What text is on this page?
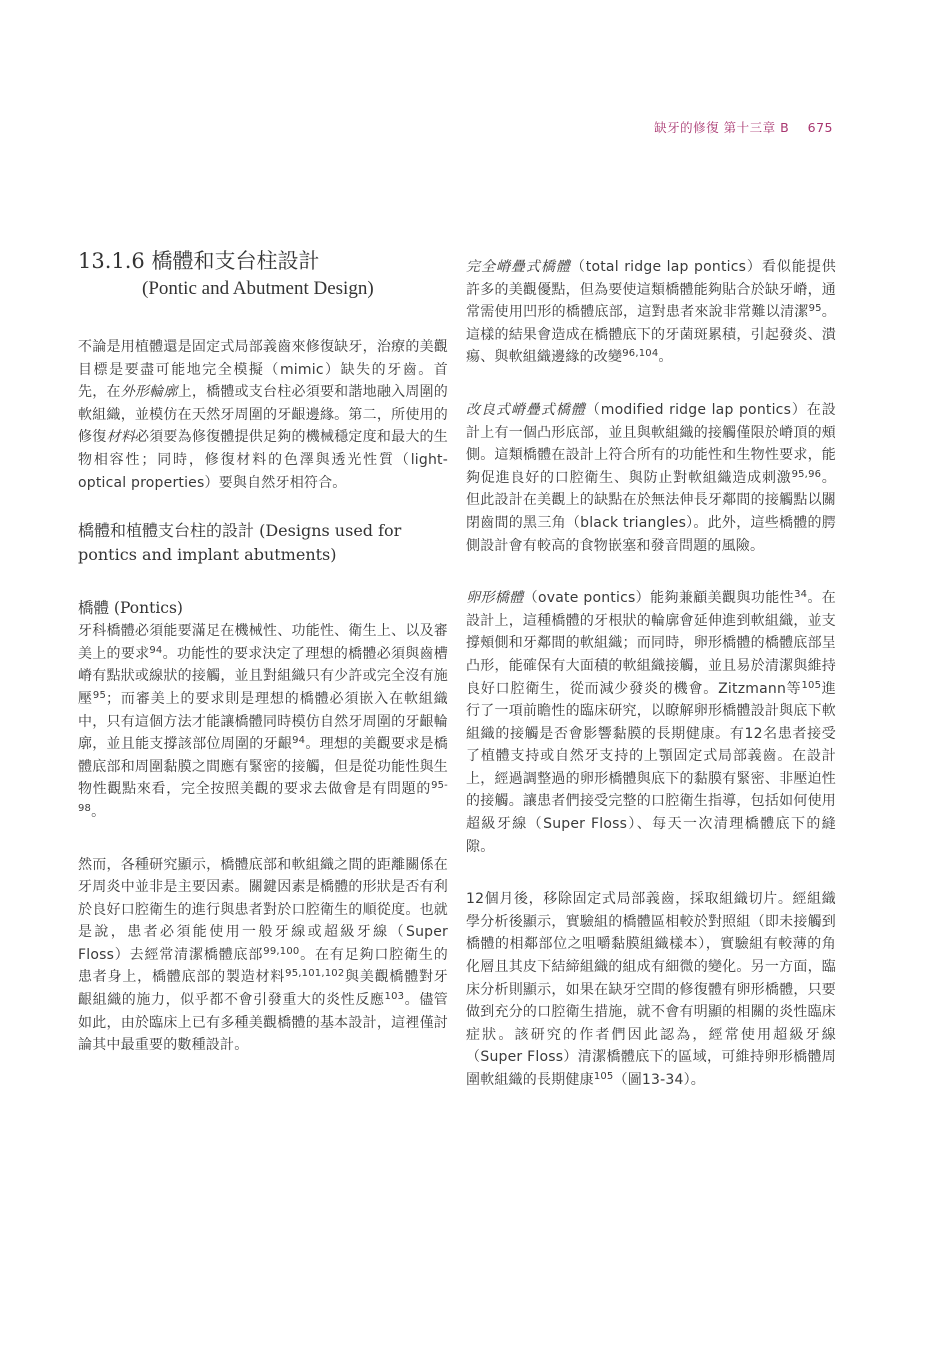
缺牙的修復 第十三章 B 675
13.1.6 橋體和支台柱設計
(Pontic and Abutment Design)

不論是用植體還是固定式局部義齒來修復缺牙，治療的美觀目標是要盡可能地完全模擬（mimic）缺失的牙齒。首先，在外形輪廓上，橋體或支台柱必須要和諧地融入周圍的軟組織，並模仿在天然牙周圍的牙齦邊緣。第二，所使用的修復材料必須要為修復體提供足夠的機械穩定度和最大的生物相容性；同時，修復材料的色澤與透光性質（light-optical properties）要與自然牙相符合。

橋體和植體支台柱的設計 (Designs used for pontics and implant abutments)
橋體 (Pontics)

牙科橋體必須能要滿足在機械性、功能性、衛生上、以及審美上的要求$^{94}$。功能性的要求決定了理想的橋體必須與齒槽嵴有點狀或線狀的接觸，並且對組織只有少許或完全沒有施壓$^{95}$；而審美上的要求則是理想的橋體必須嵌入在軟組織中，只有這個方法才能讓橋體同時模仿自然牙周圍的牙齦輪廓，並且能支撐該部位周圍的牙齦$^{94}$。理想的美觀要求是橋體底部和周圍黏膜之間應有緊密的接觸，但是從功能性與生物性觀點來看，完全按照美觀的要求去做會是有問題的$^{95-98}$。

然而，各種研究顯示，橋體底部和軟組織之間的距離關係在牙周炎中並非是主要因素。關鍵因素是橋體的形狀是否有利於良好口腔衛生的進行與患者對於口腔衛生的順從度。也就是說，患者必須能使用一般牙線或超級牙線（Super Floss）去經常清潔橋體底部$^{99,100}$。在有足夠口腔衛生的患者身上，橋體底部的製造材料$^{95,101,102}$與美觀橋體對牙齦組織的施力，似乎都不會引發重大的炎性反應$^{103}$。儘管如此，由於臨床上已有多種美觀橋體的基本設計，這裡僅討論其中最重要的數種設計。

完全嵴疊式橋體（total ridge lap pontics）看似能提供許多的美觀優點，但為要使這類橋體能夠貼合於缺牙嵴，通常需使用凹形的橋體底部，這對患者來說非常難以清潔$^{95}$。這樣的結果會造成在橋體底下的牙菌斑累積，引起發炎、潰瘍、與軟組織邊緣的改變$^{96,104}$。

改良式嵴疊式橋體（modified ridge lap pontics）在設計上有一個凸形底部，並且與軟組織的接觸僅限於嵴頂的頰側。這類橋體在設計上符合所有的功能性和生物性要求，能夠促進良好的口腔衛生、與防止對軟組織造成刺激$^{95,96}$。但此設計在美觀上的缺點在於無法伸長牙鄰間的接觸點以關閉齒間的黑三角（black triangles）。此外，這些橋體的腭側設計會有較高的食物嵌塞和發音問題的風險。

卵形橋體（ovate pontics）能夠兼顧美觀與功能性$^{34}$。在設計上，這種橋體的牙根狀的輪廓會延伸進到軟組織，並支撐頰側和牙鄰間的軟組織；而同時，卵形橋體的橋體底部呈凸形，能確保有大面積的軟組織接觸，並且易於清潔與維持良好口腔衛生，從而減少發炎的機會。Zitzmann等$^{105}$進行了一項前瞻性的臨床研究，以瞭解卵形橋體設計與底下軟組織的接觸是否會影響黏膜的長期健康。有12名患者接受了植體支持或自然牙支持的上顎固定式局部義齒。在設計上，經過調整過的卵形橋體與底下的黏膜有緊密、非壓迫性的接觸。讓患者們接受完整的口腔衛生指導，包括如何使用超級牙線（Super Floss）、每天一次清理橋體底下的縫隙。

12個月後，移除固定式局部義齒，採取組織切片。經組織學分析後顯示，實驗組的橋體區相較於對照組（即未接觸到橋體的相鄰部位之咀嚼黏膜組織樣本），實驗組有較薄的角化層且其皮下結締組織的組成有細微的變化。另一方面，臨床分析則顯示，如果在缺牙空間的修復體有卵形橋體，只要做到充分的口腔衛生措施，就不會有明顯的相關的炎性臨床症狀。該研究的作者們因此認為，經常使用超級牙線（Super Floss）清潔橋體底下的區域，可維持卵形橋體周圍軟組織的長期健康$^{105}$（圖13-34）。
